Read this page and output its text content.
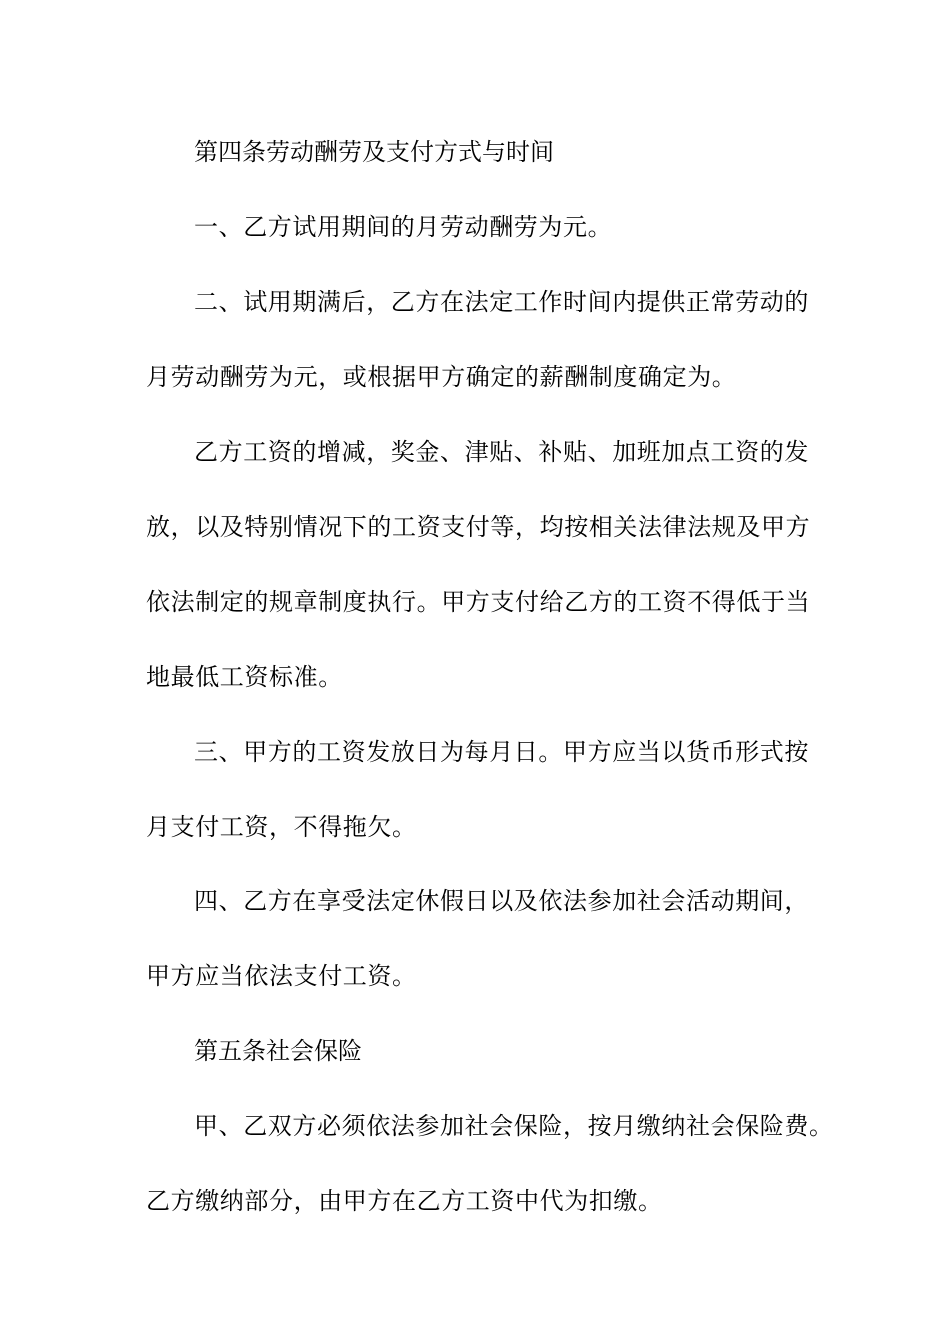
第四条劳动酬劳及支付方式与时间
一、乙方试用期间的月劳动酬劳为元。
二、试用期满后，乙方在法定工作时间内提供正常劳动的
月劳动酬劳为元，或根据甲方确定的薪酬制度确定为。
乙方工资的增减，奖金、津贴、补贴、加班加点工资的发
放，以及特别情况下的工资支付等，均按相关法律法规及甲方
依法制定的规章制度执行。甲方支付给乙方的工资不得低于当
地最低工资标准。
三、甲方的工资发放日为每月日。甲方应当以货币形式按
月支付工资，不得拖欠。
四、乙方在享受法定休假日以及依法参加社会活动期间，
甲方应当依法支付工资。
第五条社会保险
甲、乙双方必须依法参加社会保险，按月缴纳社会保险费。
乙方缴纳部分，由甲方在乙方工资中代为扣缴。
